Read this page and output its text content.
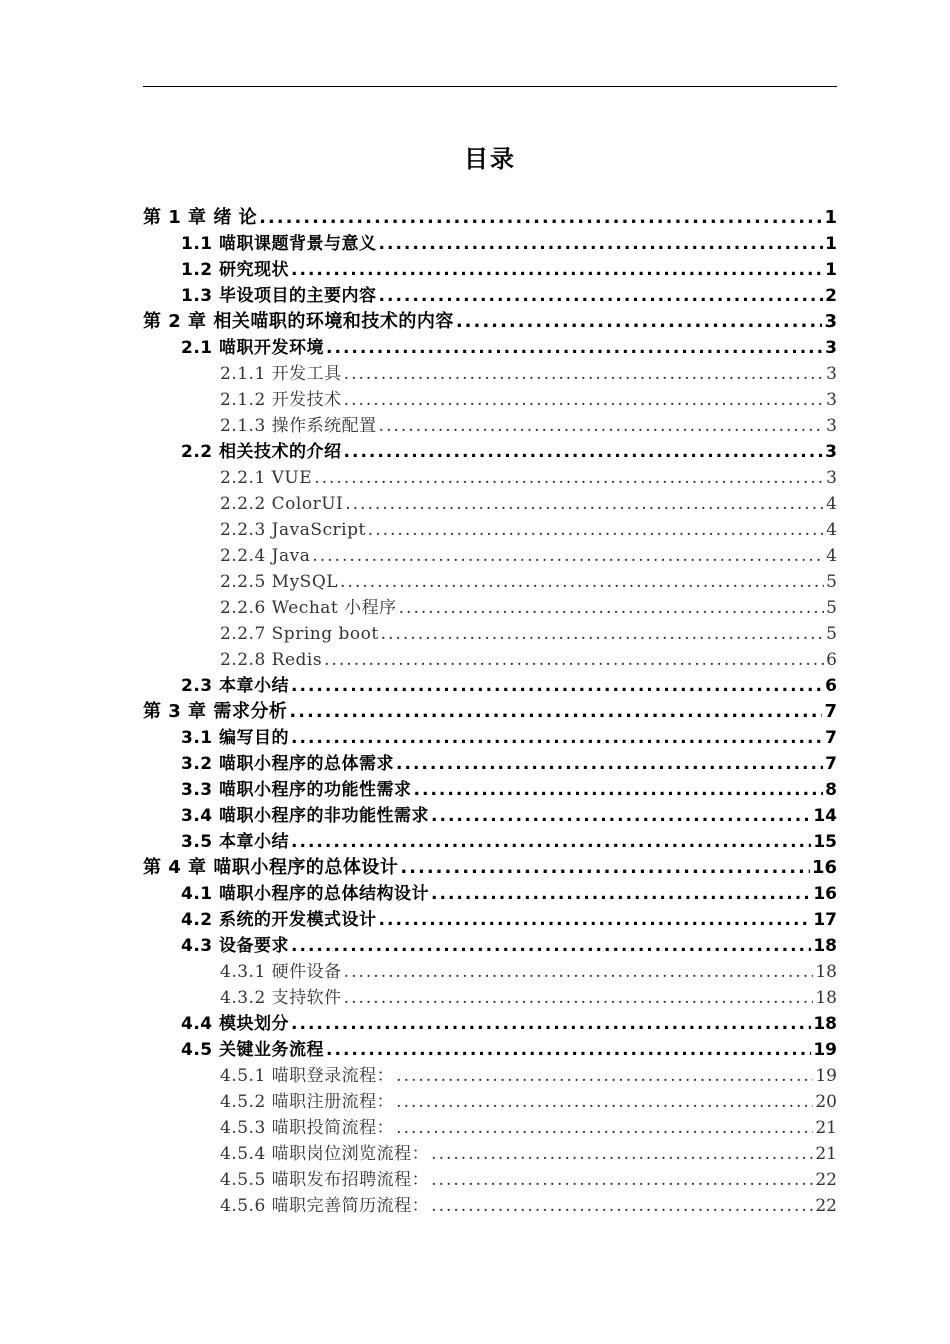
目录
第 1 章 绪 论 .....	1
1.1 喵职课题背景与意义 .....	1
1.2 研究现状 .....	1
1.3 毕设项目的主要内容 .....	2
第 2 章 相关喵职的环境和技术的内容 .....	3
2.1 喵职开发环境 .....	3
2.1.1 开发工具 .....	3
2.1.2 开发技术 .....	3
2.1.3 操作系统配置 .....	3
2.2 相关技术的介绍 .....	3
2.2.1 VUE .....	3
2.2.2 ColorUI .....	4
2.2.3 JavaScript .....	4
2.2.4 Java .....	4
2.2.5 MySQL .....	5
2.2.6 Wechat 小程序 .....	5
2.2.7 Spring boot .....	5
2.2.8 Redis .....	6
2.3 本章小结 .....	6
第 3 章 需求分析 .....	7
3.1 编写目的 .....	7
3.2 喵职小程序的总体需求 .....	7
3.3 喵职小程序的功能性需求 .....	8
3.4 喵职小程序的非功能性需求 .....	14
3.5 本章小结 .....	15
第 4 章 喵职小程序的总体设计 .....	16
4.1 喵职小程序的总体结构设计 .....	16
4.2 系统的开发模式设计 .....	17
4.3 设备要求 .....	18
4.3.1 硬件设备 .....	18
4.3.2 支持软件 .....	18
4.4 模块划分 .....	18
4.5 关键业务流程 .....	19
4.5.1 喵职登录流程： .....	19
4.5.2 喵职注册流程： .....	20
4.5.3 喵职投简流程： .....	21
4.5.4 喵职岗位浏览流程： .....	21
4.5.5 喵职发布招聘流程： .....	22
4.5.6 喵职完善简历流程： .....	22
